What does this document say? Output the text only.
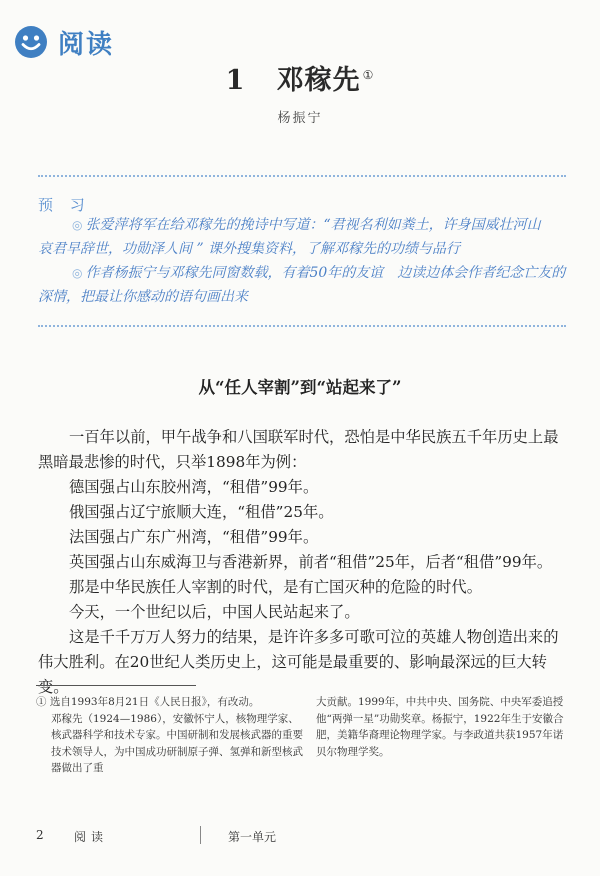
阅读
1 邓稼先 ①
杨振宁
预 习

◎ 张爱萍将军在给邓稼先的挽诗中写道：“君视名利如粪土，许身国威壮河山　哀君早辞世，功勋泽人间 ” 课外搜集资料，了解邓稼先的功绩与品行

◎ 作者杨振宁与邓稼先同窗数载，有着50年的友谊　边读边体会作者纪念亡友的深情，把最让你感动的语句画出来

从“任人宰割”到“站起来了”

一百年以前，甲午战争和八国联军时代，恐怕是中华民族五千年历史上最黑暗最悲惨的时代，只举1898年为例：

德国强占山东胶州湾，“租借”99年。

俄国强占辽宁旅顺大连，“租借”25年。

法国强占广东广州湾，“租借”99年。

英国强占山东威海卫与香港新界，前者“租借”25年，后者“租借”99年。

那是中华民族任人宰割的时代，是有亡国灭种的危险的时代。

今天，一个世纪以后，中国人民站起来了。

这是千千万万人努力的结果，是许许多多可歌可泣的英雄人物创造出来的伟大胜利。在20世纪人类历史上，这可能是最重要的、影响最深远的巨大转变。

① 选自1993年8月21日《人民日报》，有改动。
邓稼先（1924—1986），安徽怀宁人，核物理学家、核武器科学和技术专家。中国研制和发展核武器的重要技术领导人，为中国成功研制原子弹、氢弹和新型核武器做出了重
大贡献。1999年，中共中央、国务院、中央军委追授他“两弹一星”功勋奖章。杨振宁，1922年生于安徽合肥，美籍华裔理论物理学家。与李政道共获1957年诺贝尔物理学奖。
2	阅读	第一单元
